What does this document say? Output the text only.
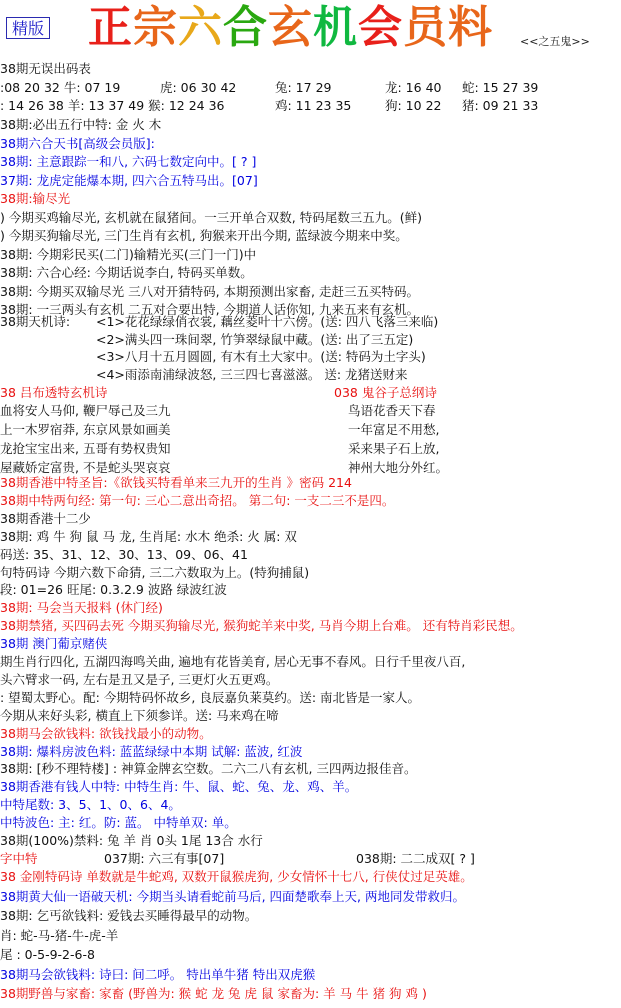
精版 正宗六合玄机会员料 <<之五鬼>>
38期无误出码表
:08 20 32 牛: 07 19	虎: 06 30 42	兔: 17 29	龙: 16 40 蛇: 15 27 39
: 14 26 38 羊: 13 37 49 猴: 12 24 36	鸡: 11 23 35	狗: 10 22 猪: 09 21 33
38期:必出五行中特: 金 火 木
38期六合天书[高级会员版]:
38期: 主意跟踪一和八, 六码七数定向中。[ ? ]
37期: 龙虎定能爆本期, 四六合五特马出。[07]
38期:输尽光
) 今期买鸡输尽光, 玄机就在鼠猪间。一三开单合双数, 特码尾数三五九。(鲜)
) 今期买狗输尽光, 三门生肖有玄机, 狗猴来开出今期, 蓝绿波今期来中奖。
38期: 今期彩民买(二门)输精光买(三门一门)中
38期: 六合心经: 今期话说李白, 特码买单数。
38期: 今期买双输尽光 三八对开猜特码, 本期预测出家畜, 走赶三五买特码。
38期: 一三两头有玄机 二五对合要出特, 今期道人话你知, 九来五来有玄机。
38期天机诗: <1>花花绿绿俏衣裳, 藕丝菱叶十六傍。(送: 四八飞落三来临)
<2>满头四一珠间翠, 竹笋翠绿鼠中藏。(送: 出了三五定)
<3>八月十五月圆圆, 有木有土大家中。(送: 特码为土字头)
<4>雨添南浦绿波怒, 三三四七喜滋滋。 送: 龙猪送财来
38 吕布透特玄机诗	038 鬼谷子总纲诗
血将安人马仰, 鞭尸辱己及三九
上一木罗宿莽, 东京风景如画美
龙抢宝宝出来, 五哥有势权贵知
屋藏娇定富贵, 不是蛇头哭哀哀
鸟语花香天下春
一年富足不用愁,
采来果子石上放,
神州大地分外红。
38期香港中特圣旨:《欲钱买特看单来三九开的生肖 》密码 214
38期中特两句经: 第一句: 三心二意出奇招。 第二句: 一支二三不是四。
38期香港十二少
38期: 鸡 牛 狗 鼠 马 龙, 生肖尾: 水木 绝杀: 火 属: 双
码送: 35、31、12、30、13、09、06、41
句特码诗 今期六数下命猜, 三二六数取为上。(特狗捕鼠)
段: 01=26 旺尾: 0.3.2.9 波路 绿波红波
38期: 马会当天报料 (休门经)
38期禁猪, 买四码去死 今期买狗输尽光, 猴狗蛇羊来中奖, 马肖今期上台难。 还有特肖彩民想。
38期 澳门葡京赌侠
期生肖行四化, 五湖四海鸣关曲, 遍地有花皆美育, 居心无事不春风。日行千里夜八百,
头六臂求一码, 左右是丑又是子, 三更灯火五更鸡。
: 望蜀太野心。配: 今期特码怀故乡, 良辰嘉负莱莫约。送: 南北皆是一家人。
今期从来好头彩, 横直上下须参详。送: 马来鸡在啼
38期马会欲钱料: 欲钱找最小的动物。
38期: 爆料房波色料: 蓝蓝绿绿中本期 试解: 蓝波, 红波
38期: [秒不理特楼] : 神算金牌玄空数。二六二八有玄机, 三四两边报佳音。
38期香港有钱人中特: 中特生肖: 牛、鼠、蛇、兔、龙、鸡、羊。
中特尾数: 3、5、1、0、6、4。
中特波色: 主: 红。防: 蓝。 中特单双: 单。
38期(100%)禁料: 兔 羊 肖 0头 1尾 13合 水行
字中特	037期: 六三有事[07]	038期: 二二成双[ ? ]
38 金刚特码诗 单数就是牛蛇鸡, 双数开鼠猴虎狗, 少女情怀十七八, 行侠仗过足英雄。
38期黄大仙一语破天机: 今期当头请看蛇前马后, 四面楚歌奉上天, 两地同发带救归。
38期: 乞丐欲钱料: 爱钱去买睡得最早的动物。
肖: 蛇-马-猪-牛-虎-羊
尾 : 0-5-9-2-6-8
38期马会欲钱料: 诗曰: 间二呼。 特出单牛猪 特出双虎猴
38期野兽与家畜: 家畜 (野兽为: 猴 蛇 龙 兔 虎 鼠 家畜为: 羊 马 牛 猪 狗 鸡 )
